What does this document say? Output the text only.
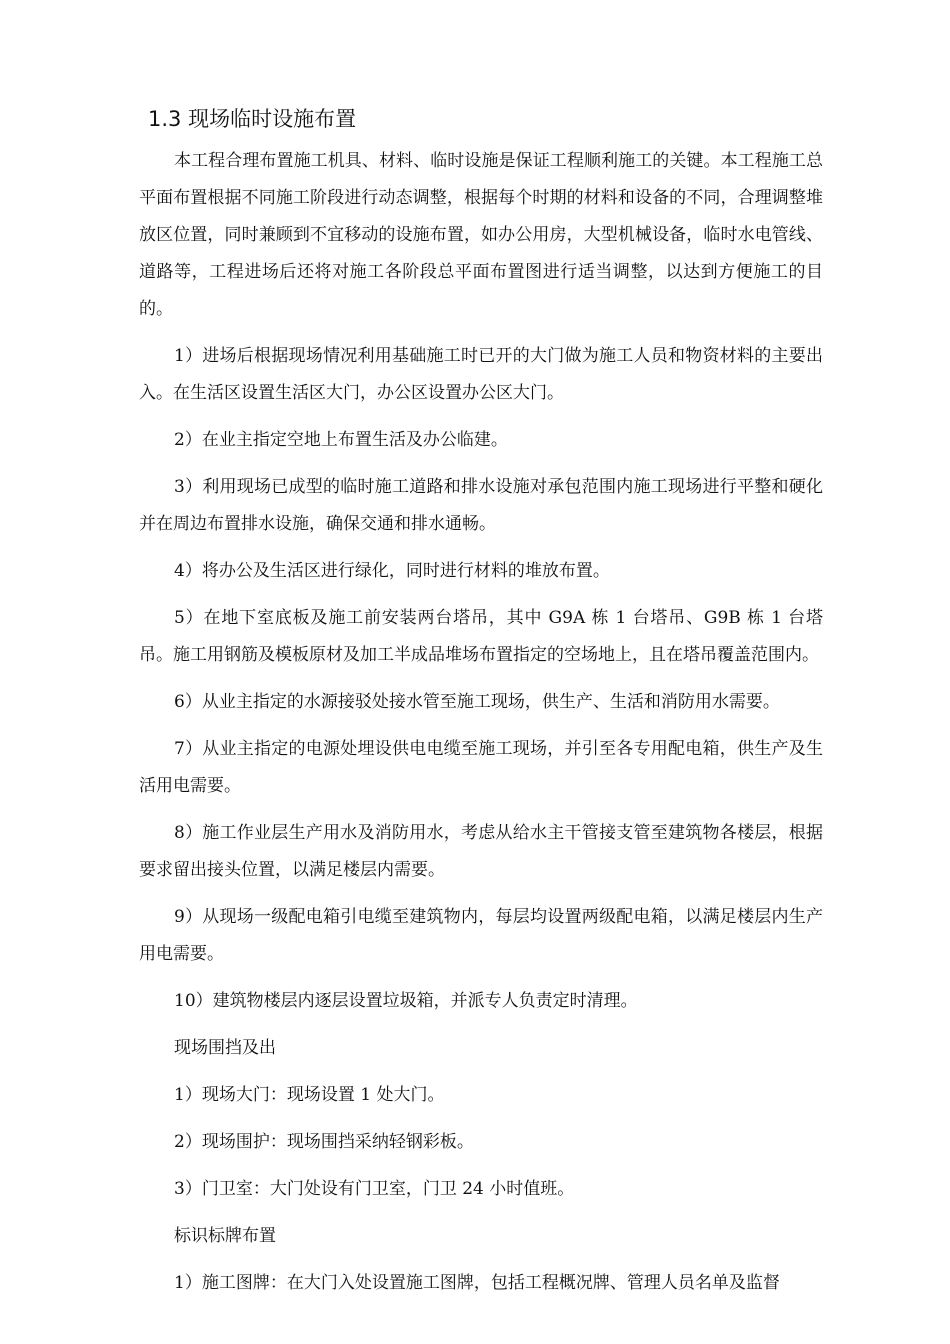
1.3 现场临时设施布置

本工程合理布置施工机具、材料、临时设施是保证工程顺利施工的关键。本工程施工总平面布置根据不同施工阶段进行动态调整，根据每个时期的材料和设备的不同，合理调整堆放区位置，同时兼顾到不宜移动的设施布置，如办公用房，大型机械设备，临时水电管线、道路等，工程进场后还将对施工各阶段总平面布置图进行适当调整，以达到方便施工的目的。

1）进场后根据现场情况利用基础施工时已开的大门做为施工人员和物资材料的主要出入。在生活区设置生活区大门，办公区设置办公区大门。

2）在业主指定空地上布置生活及办公临建。

3）利用现场已成型的临时施工道路和排水设施对承包范围内施工现场进行平整和硬化并在周边布置排水设施，确保交通和排水通畅。

4）将办公及生活区进行绿化，同时进行材料的堆放布置。

5）在地下室底板及施工前安装两台塔吊，其中 G9A 栋 1 台塔吊、G9B 栋 1 台塔吊。施工用钢筋及模板原材及加工半成品堆场布置指定的空场地上，且在塔吊覆盖范围内。

6）从业主指定的水源接驳处接水管至施工现场，供生产、生活和消防用水需要。

7）从业主指定的电源处埋设供电电缆至施工现场，并引至各专用配电箱，供生产及生活用电需要。

8）施工作业层生产用水及消防用水，考虑从给水主干管接支管至建筑物各楼层，根据要求留出接头位置，以满足楼层内需要。

9）从现场一级配电箱引电缆至建筑物内，每层均设置两级配电箱，以满足楼层内生产用电需要。

10）建筑物楼层内逐层设置垃圾箱，并派专人负责定时清理。

现场围挡及出

1）现场大门：现场设置 1 处大门。

2）现场围护：现场围挡采纳轻钢彩板。

3）门卫室：大门处设有门卫室，门卫 24 小时值班。

标识标牌布置

1）施工图牌：在大门入处设置施工图牌，包括工程概况牌、管理人员名单及监督
